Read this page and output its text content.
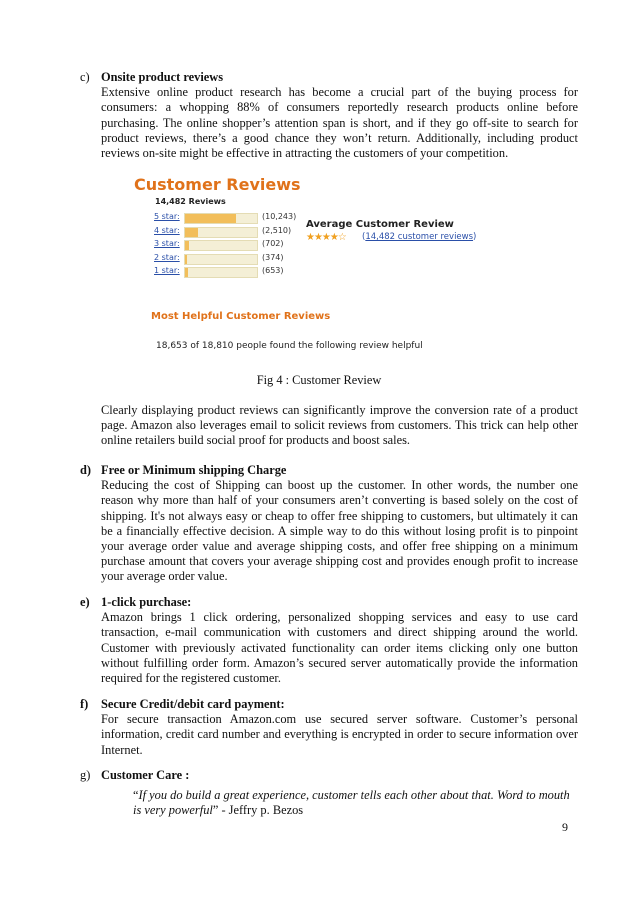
c) Onsite product reviews
Extensive online product research has become a crucial part of the buying process for consumers: a whopping 88% of consumers reportedly research products online before purchasing. The online shopper’s attention span is short, and if they go off-site to search for product reviews, there’s a good chance they won’t return. Additionally, including product reviews on-site might be effective in attracting the customers of your competition.
Customer Reviews
14,482 Reviews
5 star:	(10,243)
4 star:	(2,510)
3 star:	(702)
2 star:	(374)
1 star:	(653)
Average Customer Review
★★★★☆ (14,482 customer reviews)
Most Helpful Customer Reviews
18,653 of 18,810 people found the following review helpful
Fig 4 : Customer Review
Clearly displaying product reviews can significantly improve the conversion rate of a product page. Amazon also leverages email to solicit reviews from customers. This trick can help other online retailers build social proof for products and boost sales.
d) Free or Minimum shipping Charge
Reducing the cost of Shipping can boost up the customer. In other words, the number one reason why more than half of your consumers aren’t converting is based solely on the cost of shipping. It's not always easy or cheap to offer free shipping to customers, but ultimately it can be a financially effective decision. A simple way to do this without losing profit is to pinpoint your average order value and average shipping costs, and offer free shipping on a minimum purchase amount that covers your average shipping cost and provides enough profit to increase your average order value.
e) 1-click purchase:
Amazon brings 1 click ordering, personalized shopping services and easy to use card transaction, e-mail communication with customers and direct shipping around the world. Customer with previously activated functionality can order items clicking only one button without fulfilling order form. Amazon’s secured server automatically provide the information required for the registered customer.
f)	Secure Credit/debit card payment:
For secure transaction Amazon.com use secured server software. Customer’s personal information, credit card number and everything is encrypted in order to secure information over Internet.
g) Customer Care :
“If you do build a great experience, customer tells each other about that. Word to mouth is very powerful” - Jeffry p. Bezos
9
